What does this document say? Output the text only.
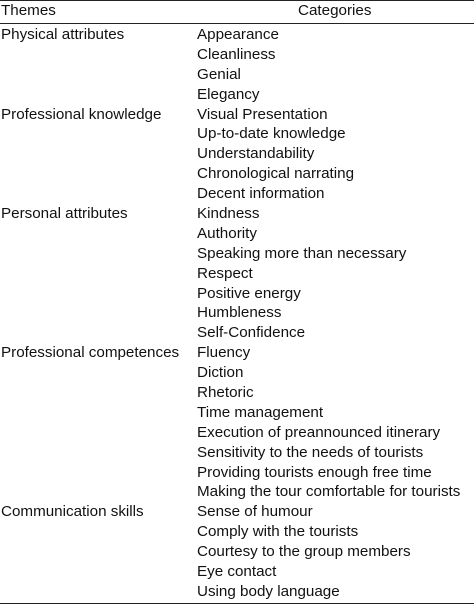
Themes	Categories
Physical attributes	Appearance
Cleanliness
Genial
Elegancy
Professional knowledge	Visual Presentation
Up-to-date knowledge
Understandability
Chronological narrating
Decent information
Personal attributes	Kindness
Authority
Speaking more than necessary
Respect
Positive energy
Humbleness
Self-Confidence
Professional competences	Fluency
Diction
Rhetoric
Time management
Execution of preannounced itinerary
Sensitivity to the needs of tourists
Providing tourists enough free time
Making the tour comfortable for tourists
Communication skills	Sense of humour
Comply with the tourists
Courtesy to the group members
Eye contact
Using body language
